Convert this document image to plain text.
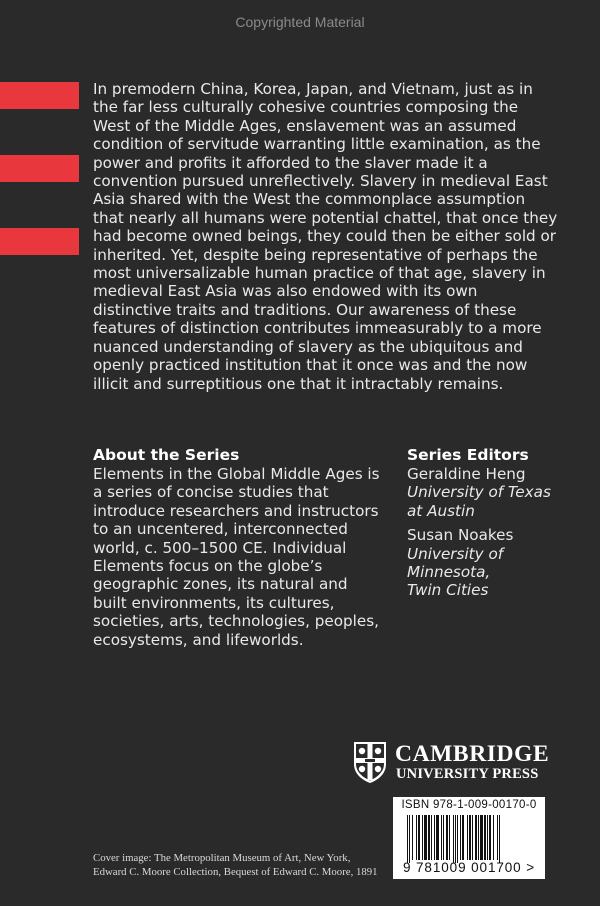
Copyrighted Material

In premodern China, Korea, Japan, and Vietnam, just as in the far less culturally cohesive countries composing the West of the Middle Ages, enslavement was an assumed condition of servitude warranting little examination, as the power and profits it afforded to the slaver made it a convention pursued unreflectively. Slavery in medieval East Asia shared with the West the commonplace assumption that nearly all humans were potential chattel, that once they had become owned beings, they could then be either sold or inherited. Yet, despite being representative of perhaps the most universalizable human practice of that age, slavery in medieval East Asia was also endowed with its own distinctive traits and traditions. Our awareness of these features of distinction contributes immeasurably to a more nuanced understanding of slavery as the ubiquitous and openly practiced institution that it once was and the now illicit and surreptitious one that it intractably remains.

About the Series

Elements in the Global Middle Ages is a series of concise studies that introduce researchers and instructors to an uncentered, interconnected world, c. 500–1500 CE. Individual Elements focus on the globe’s geographic zones, its natural and built environments, its cultures, societies, arts, technologies, peoples, ecosystems, and lifeworlds.

Series Editors
Geraldine Heng
University of Texas
at Austin
Susan Noakes
University of
Minnesota,
Twin Cities
CAMBRIDGE
UNIVERSITY PRESS
ISBN 978-1-009-00170-0
9 781009 001700 >
Cover image: The Metropolitan Museum of Art, New York,
Edward C. Moore Collection, Bequest of Edward C. Moore, 1891
